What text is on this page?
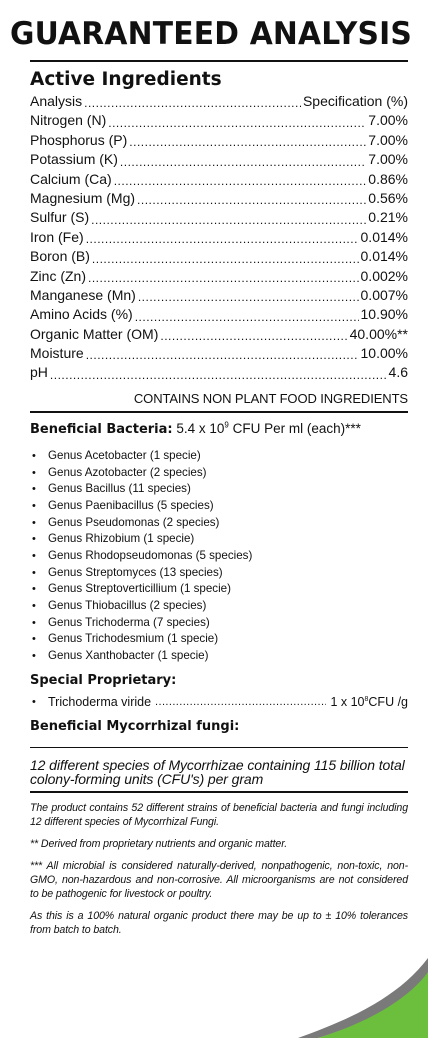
GUARANTEED ANALYSIS
Active Ingredients
Analysis .....	Specification (%)
Nitrogen (N) .....	7.00%
Phosphorus (P) .....	7.00%
Potassium (K) .....	7.00%
Calcium (Ca) .....	0.86%
Magnesium (Mg) .....	0.56%
Sulfur (S) .....	0.21%
Iron (Fe) .....	0.014%
Boron (B) .....	0.014%
Zinc (Zn) .....	0.002%
Manganese (Mn) .....	0.007%
Amino Acids (%) .....	10.90%
Organic Matter (OM) .....	40.00%**
Moisture .....	10.00%
pH .....	4.6
CONTAINS NON PLANT FOOD INGREDIENTS
Beneficial Bacteria: 5.4 x $10^9$ CFU Per ml (each)***
• Genus Acetobacter (1 specie)
• Genus Azotobacter (2 species)
• Genus Bacillus (11 species)
• Genus Paenibacillus (5 species)
• Genus Pseudomonas (2 species)
• Genus Rhizobium (1 specie)
• Genus Rhodopseudomonas (5 species)
• Genus Streptomyces (13 species)
• Genus Streptoverticillium (1 specie)
• Genus Thiobacillus (2 species)
• Genus Trichoderma (7 species)
• Genus Trichodesmium (1 specie)
• Genus Xanthobacter (1 specie)
Special Proprietary:
• Trichoderma viride .....	1 x $10^8CFU$ /g
Beneficial Mycorrhizal fungi:
12 different species of Mycorrhizae containing 115 billion total colony-forming units (CFU's) per gram
The product contains 52 different strains of beneficial bacteria and fungi including 12 different species of Mycorrhizal Fungi.
** Derived from proprietary nutrients and organic matter.
*** All microbial is considered naturally-derived, nonpathogenic, non-toxic, non-GMO, non-hazardous and non-corrosive. All microorganisms are not considered to be pathogenic for livestock or poultry.
As this is a 100% natural organic product there may be up to ± 10% tolerances from batch to batch.
